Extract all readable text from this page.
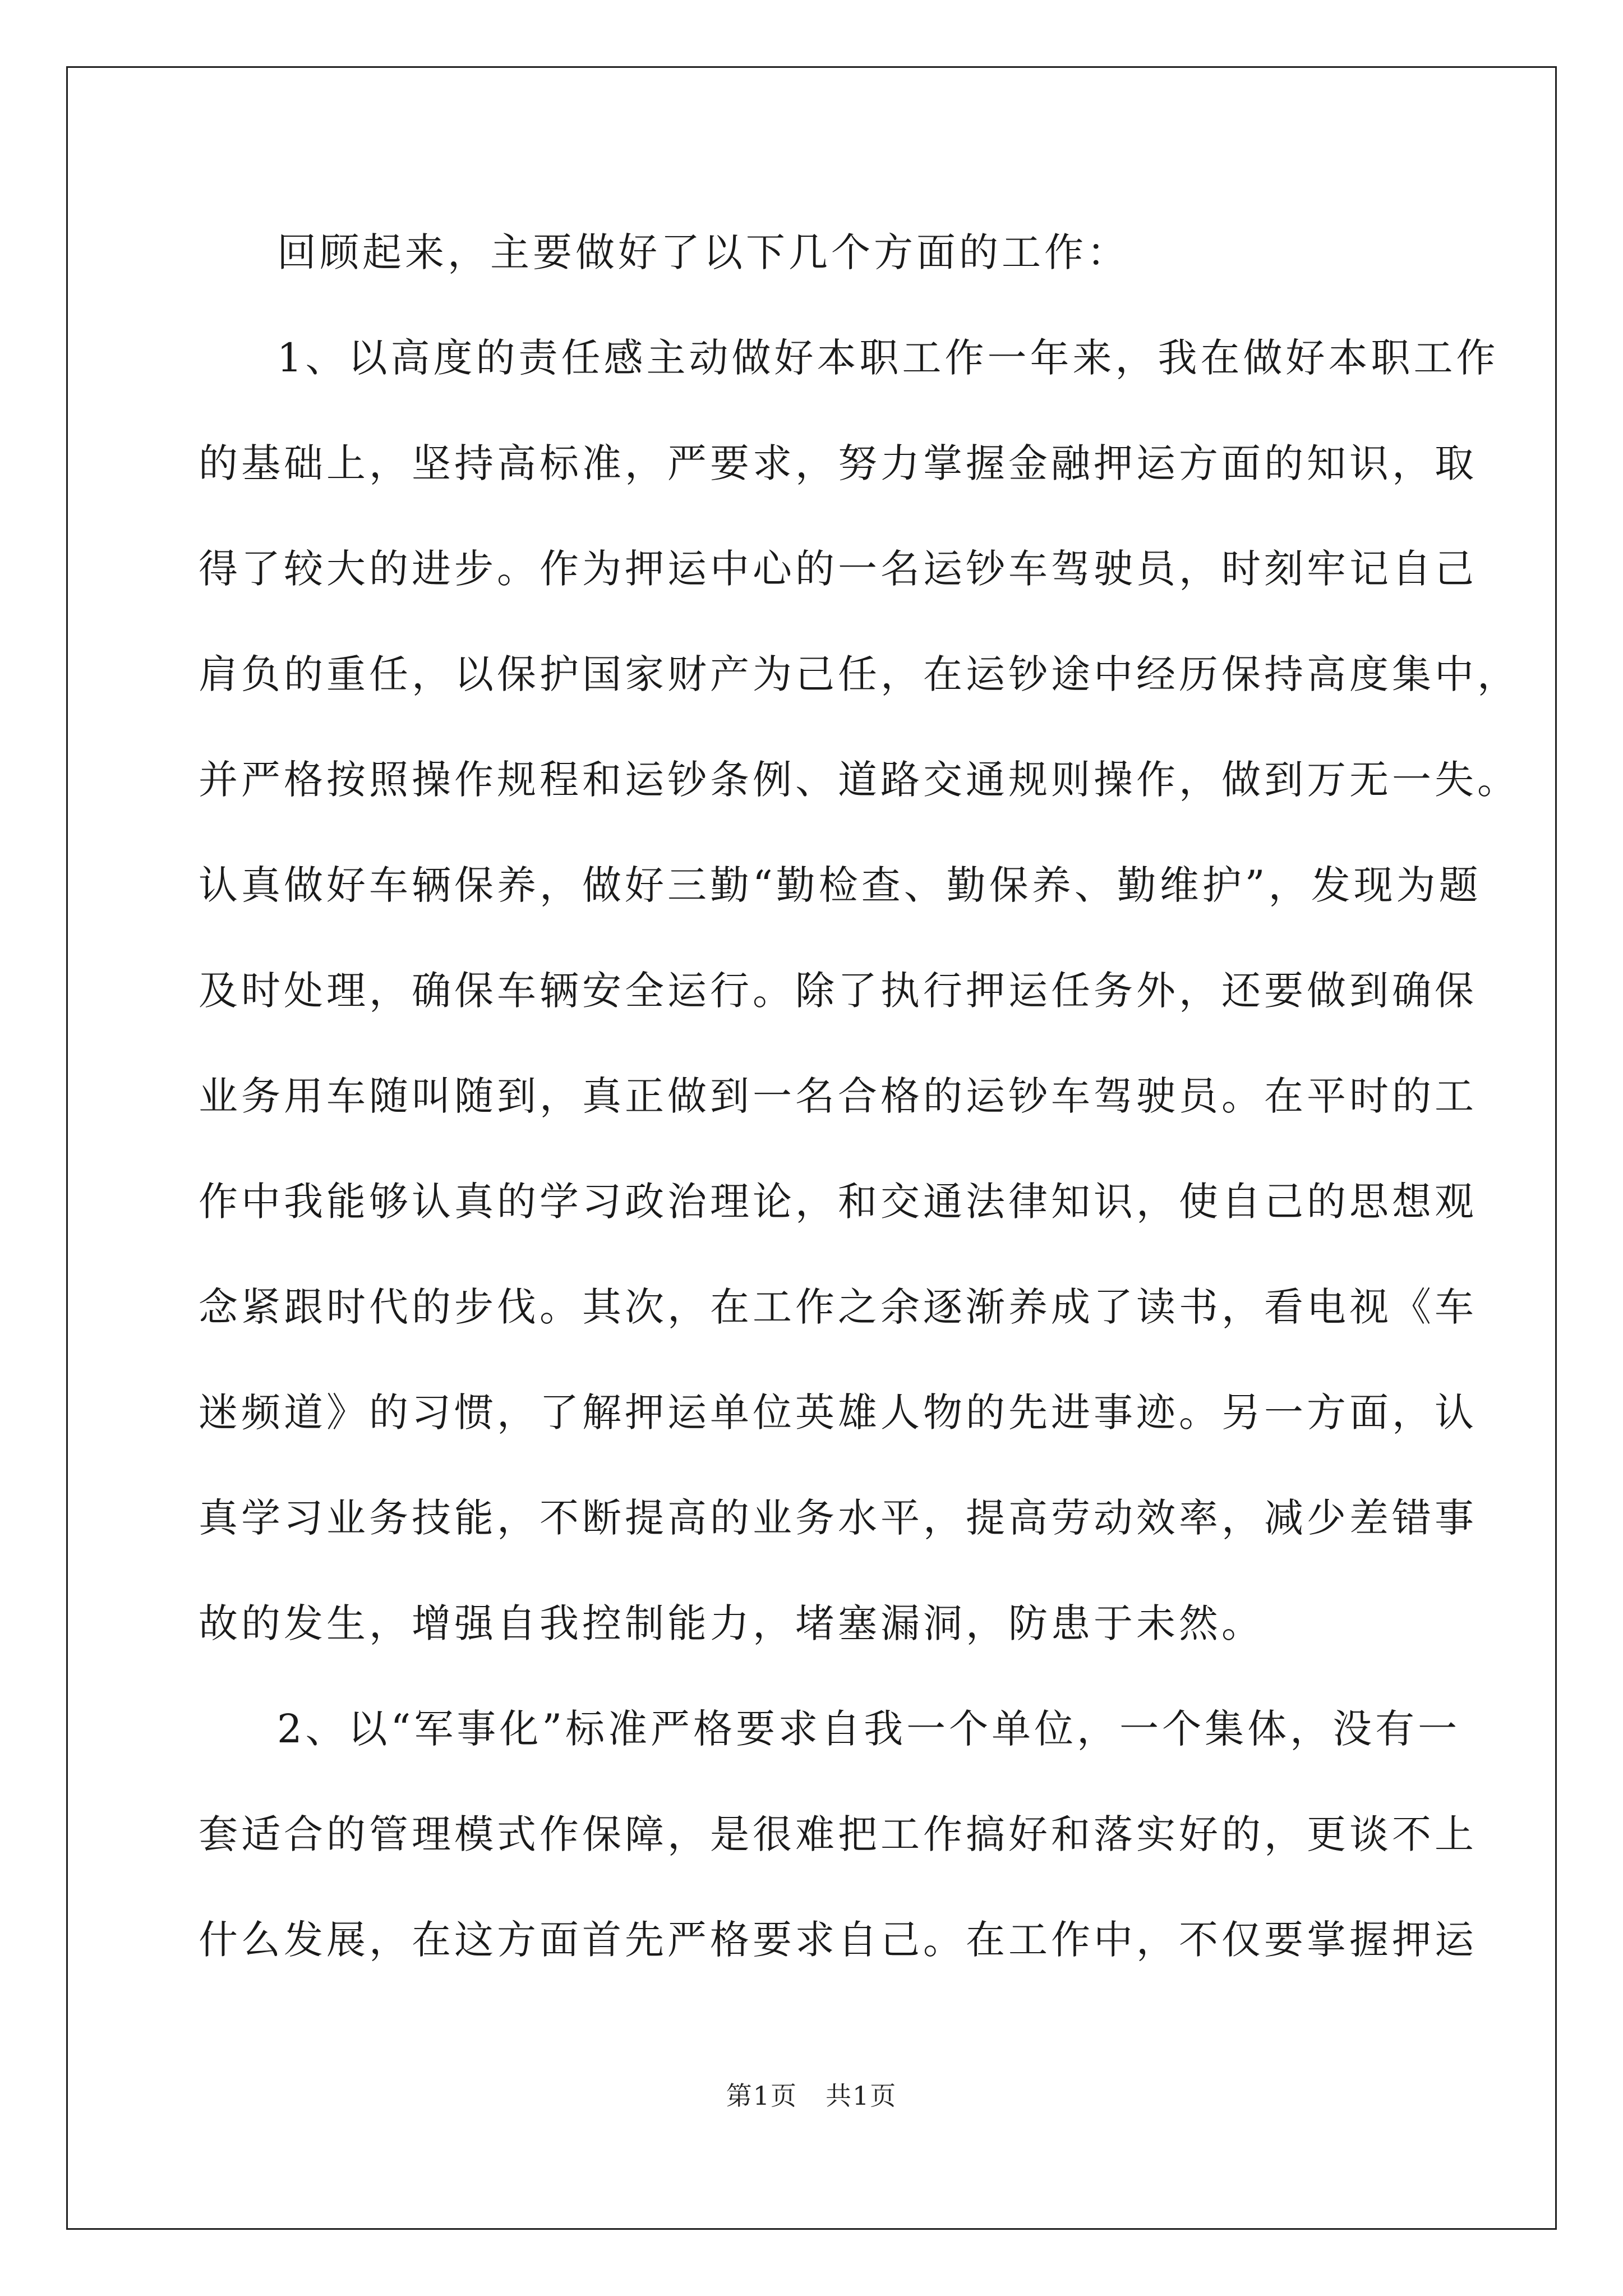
回顾起来，主要做好了以下几个方面的工作：
1、以高度的责任感主动做好本职工作一年来，我在做好本职工作
的基础上，坚持高标准，严要求，努力掌握金融押运方面的知识，取
得了较大的进步。作为押运中心的一名运钞车驾驶员，时刻牢记自己
肩负的重任，以保护国家财产为己任，在运钞途中经历保持高度集中，
并严格按照操作规程和运钞条例、道路交通规则操作，做到万无一失。
认真做好车辆保养，做好三勤“勤检查、勤保养、勤维护”，发现为题
及时处理，确保车辆安全运行。除了执行押运任务外，还要做到确保
业务用车随叫随到，真正做到一名合格的运钞车驾驶员。在平时的工
作中我能够认真的学习政治理论，和交通法律知识，使自己的思想观
念紧跟时代的步伐。其次，在工作之余逐渐养成了读书，看电视《车
迷频道》的习惯，了解押运单位英雄人物的先进事迹。另一方面，认
真学习业务技能，不断提高的业务水平，提高劳动效率，减少差错事
故的发生，增强自我控制能力，堵塞漏洞，防患于未然。
2、以“军事化”标准严格要求自我一个单位，一个集体，没有一
套适合的管理模式作保障，是很难把工作搞好和落实好的，更谈不上
什么发展，在这方面首先严格要求自己。在工作中，不仅要掌握押运
第1页 共1页
